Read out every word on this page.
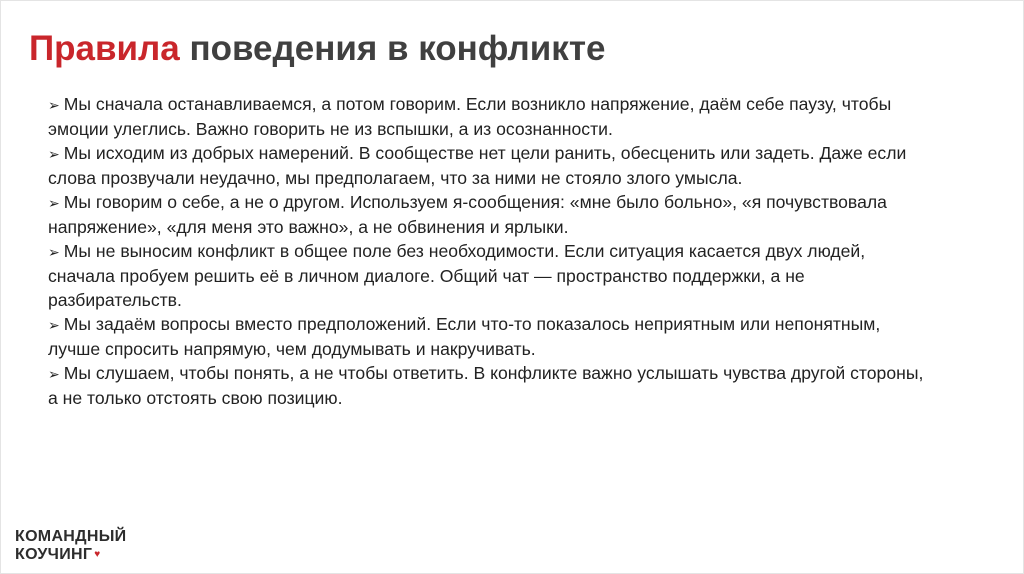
Правила поведения в конфликте

➢ Мы сначала останавливаемся, а потом говорим. Если возникло напряжение, даём себе паузу, чтобы эмоции улеглись. Важно говорить не из вспышки, а из осознанности.

➢ Мы исходим из добрых намерений. В сообществе нет цели ранить, обесценить или задеть. Даже если слова прозвучали неудачно, мы предполагаем, что за ними не стояло злого умысла.

➢ Мы говорим о себе, а не о другом. Используем я-сообщения: «мне было больно», «я почувствовала напряжение», «для меня это важно», а не обвинения и ярлыки.

➢ Мы не выносим конфликт в общее поле без необходимости. Если ситуация касается двух людей, сначала пробуем решить её в личном диалоге. Общий чат — пространство поддержки, а не разбирательств.

➢ Мы задаём вопросы вместо предположений. Если что-то показалось неприятным или непонятным, лучше спросить напрямую, чем додумывать и накручивать.

➢ Мы слушаем, чтобы понять, а не чтобы ответить. В конфликте важно услышать чувства другой стороны, а не только отстоять свою позицию.

КОМАНДНЫЙ
КОУЧИНГ ♥
